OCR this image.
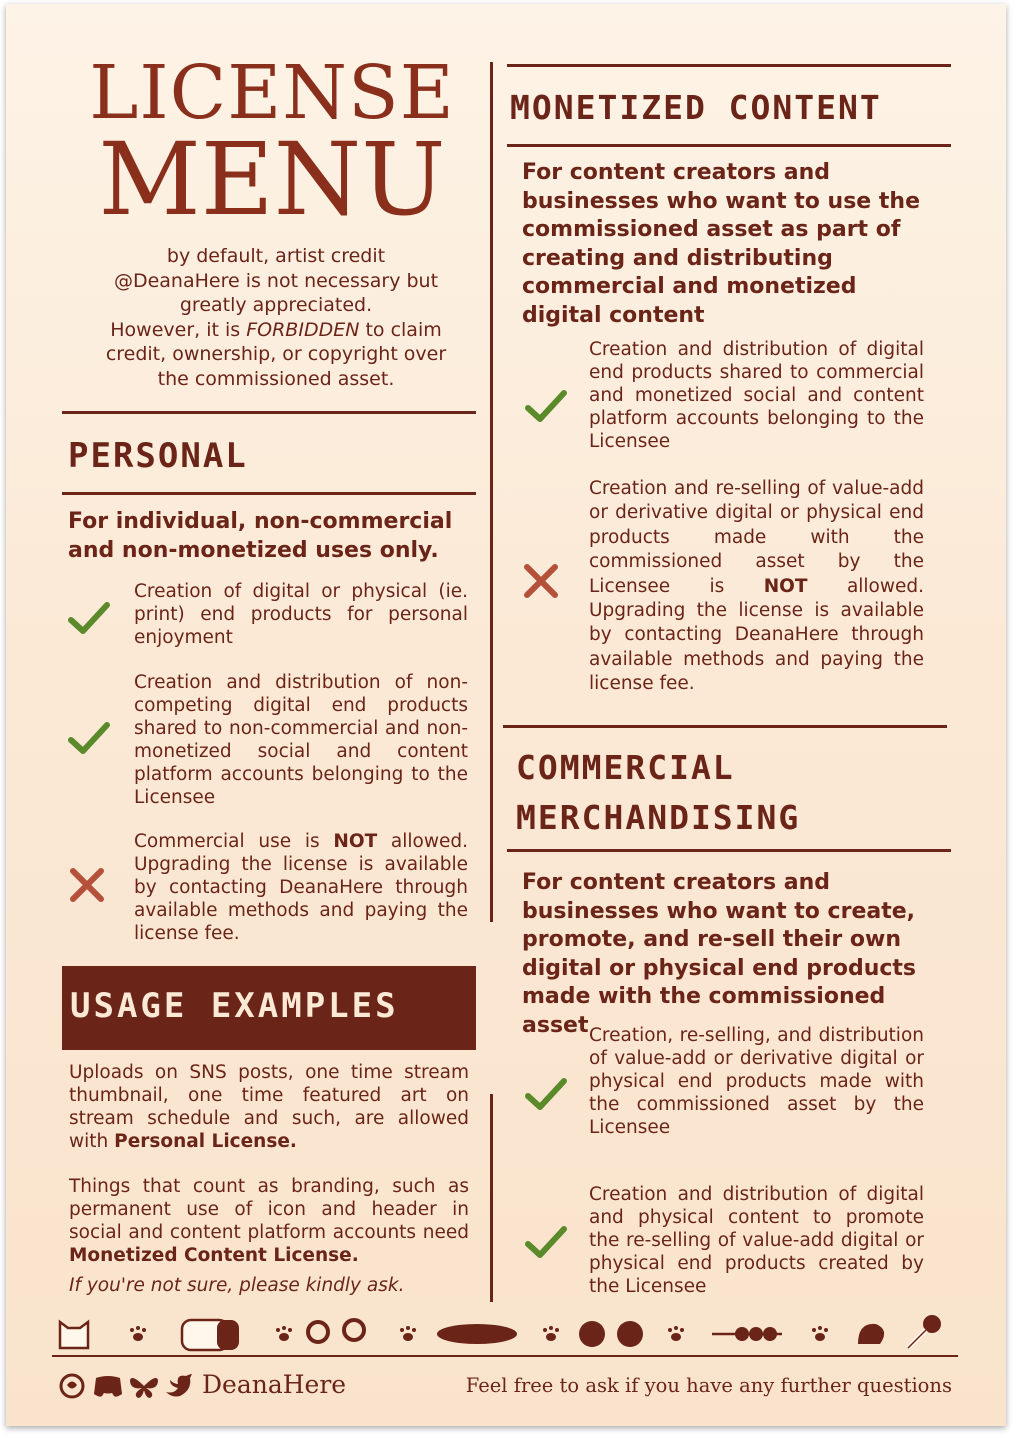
LICENSE
MENU
by default, artist credit
@DeanaHere is not necessary but
greatly appreciated.
However, it is FORBIDDEN to claim
credit, ownership, or copyright over
the commissioned asset.
PERSONAL
For individual, non-commercial and non-monetized uses only.
Creation of digital or physical (ie. print) end products for personal enjoyment
Creation and distribution of non-competing digital end products shared to non-commercial and non-monetized social and content platform accounts belonging to the Licensee
Commercial use is NOT allowed. Upgrading the license is available by contacting DeanaHere through available methods and paying the license fee.
USAGE EXAMPLES
Uploads on SNS posts, one time stream thumbnail, one time featured art on stream schedule and such, are allowed with Personal License.
Things that count as branding, such as permanent use of icon and header in social and content platform accounts need Monetized Content License.
If you're not sure, please kindly ask.
MONETIZED CONTENT
For content creators and businesses who want to use the commissioned asset as part of creating and distributing commercial and monetized digital content
Creation and distribution of digital end products shared to commercial and monetized social and content platform accounts belonging to the Licensee
Creation and re-selling of value-add or derivative digital or physical end products made with the commissioned asset by the Licensee is NOT allowed. Upgrading the license is available by contacting DeanaHere through available methods and paying the license fee.
COMMERCIAL
MERCHANDISING
For content creators and businesses who want to create, promote, and re-sell their own digital or physical end products made with the commissioned asset Creation, re-selling, and distribution of value-add or derivative digital or physical end products made with the commissioned asset by the Licensee
Creation and distribution of digital and physical content to promote the re-selling of value-add digital or physical end products created by the Licensee
DeanaHere	Feel free to ask if you have any further questions
